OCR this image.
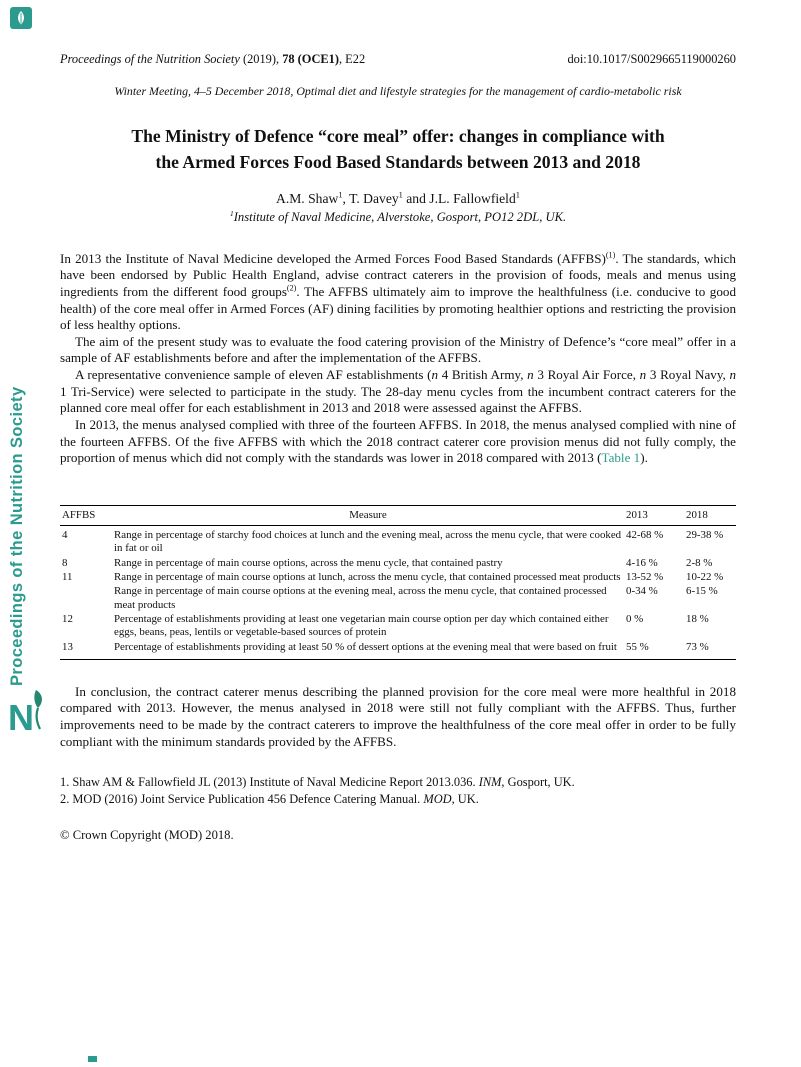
Proceedings of the Nutrition Society
N
Proceedings of the Nutrition Society (2019), 78 (OCE1), E22	doi:10.1017/S0029665119000260
Winter Meeting, 4–5 December 2018, Optimal diet and lifestyle strategies for the management of cardio-metabolic risk
The Ministry of Defence “core meal” offer: changes in compliance with
the Armed Forces Food Based Standards between 2013 and 2018
A.M. Shaw$^1$, T. Davey$^1$ and J.L. Fallowfield$^1$
$^1$Institute of Naval Medicine, Alverstoke, Gosport, PO12 2DL, UK.

In 2013 the Institute of Naval Medicine developed the Armed Forces Food Based Standards (AFFBS)$^{(1)}$. The standards, which have been endorsed by Public Health England, advise contract caterers in the provision of foods, meals and menus using ingredients from the different food groups$^{(2)}$. The AFFBS ultimately aim to improve the healthfulness (i.e. conducive to good health) of the core meal offer in Armed Forces (AF) dining facilities by promoting healthier options and restricting the provision of less healthy options.

The aim of the present study was to evaluate the food catering provision of the Ministry of Defence’s “core meal” offer in a sample of AF establishments before and after the implementation of the AFFBS.

A representative convenience sample of eleven AF establishments (n 4 British Army, n 3 Royal Air Force, n 3 Royal Navy, n 1 Tri-Service) were selected to participate in the study. The 28-day menu cycles from the incumbent contract caterers for the planned core meal offer for each establishment in 2013 and 2018 were assessed against the AFFBS.

In 2013, the menus analysed complied with three of the fourteen AFFBS. In 2018, the menus analysed complied with nine of the fourteen AFFBS. Of the five AFFBS with which the 2018 contract caterer core provision menus did not fully comply, the proportion of menus which did not comply with the standards was lower in 2018 compared with 2013 (Table 1).

AFFBS	Measure	2013	2018
4	Range in percentage of starchy food choices at lunch and the evening meal, across the menu cycle, that were cooked in fat or oil	42-68 %	29-38 %
8	Range in percentage of main course options, across the menu cycle, that contained pastry	4-16 %	2-8 %
11	Range in percentage of main course options at lunch, across the menu cycle, that contained processed meat products	13-52 %	10-22 %
	Range in percentage of main course options at the evening meal, across the menu cycle, that contained processed meat products	0-34 %	6-15 %
12	Percentage of establishments providing at least one vegetarian main course option per day which contained either eggs, beans, peas, lentils or vegetable-based sources of protein	0 %	18 %
13	Percentage of establishments providing at least 50 % of dessert options at the evening meal that were based on fruit	55 %	73 %

In conclusion, the contract caterer menus describing the planned provision for the core meal were more healthful in 2018 compared with 2013. However, the menus analysed in 2018 were still not fully compliant with the AFFBS. Thus, further improvements need to be made by the contract caterers to improve the healthfulness of the core meal offer in order to be fully compliant with the minimum standards provided by the AFFBS.

1. Shaw AM & Fallowfield JL (2013) Institute of Naval Medicine Report 2013.036. INM, Gosport, UK.
2. MOD (2016) Joint Service Publication 456 Defence Catering Manual. MOD, UK.
© Crown Copyright (MOD) 2018.
